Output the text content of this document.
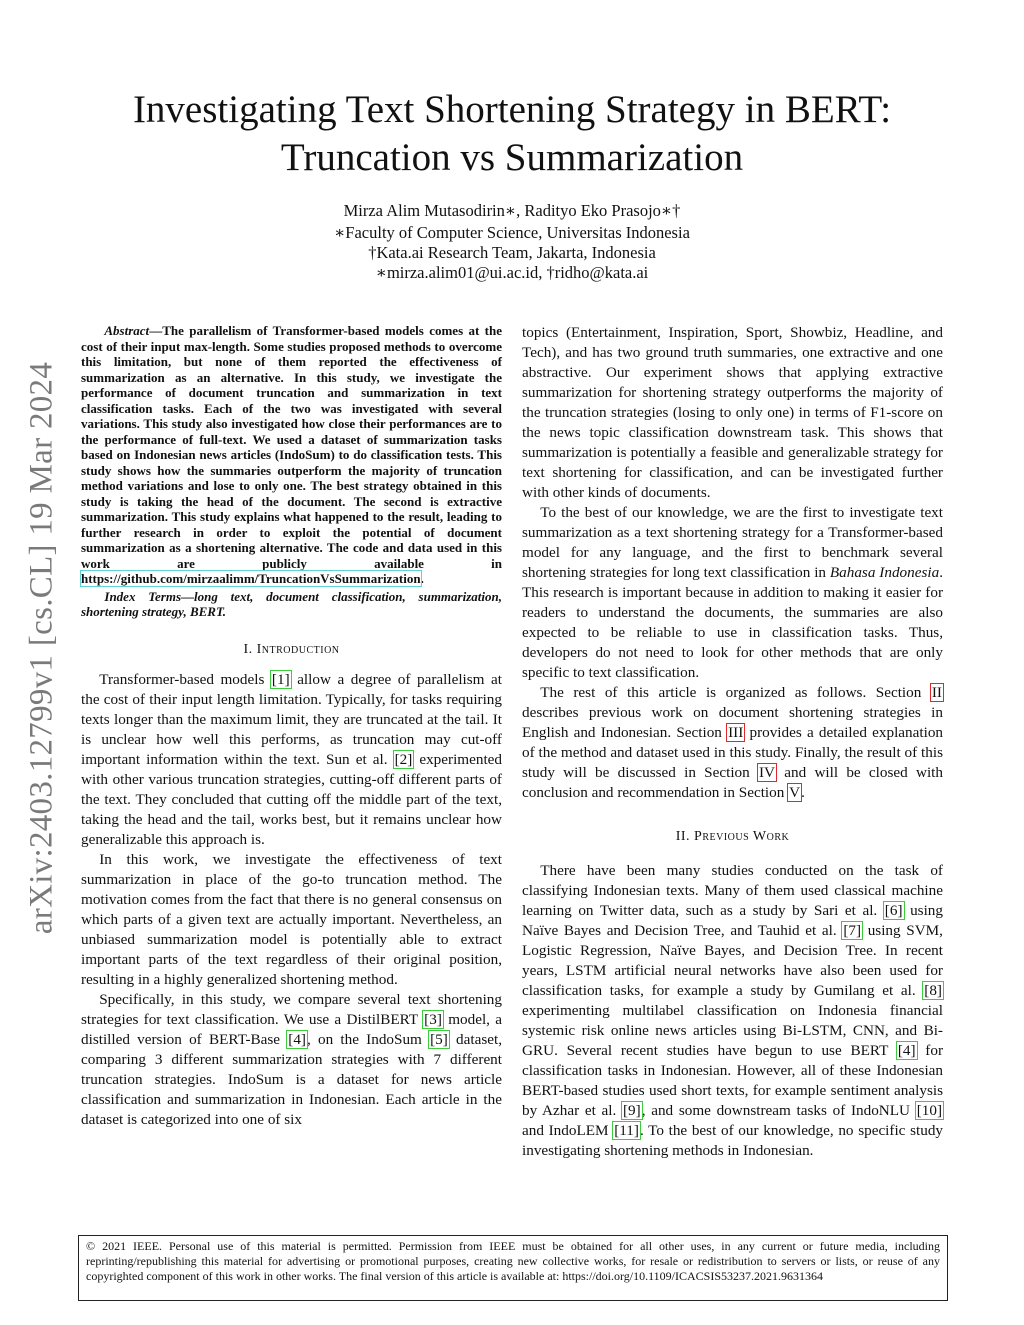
arXiv:2403.12799v1 [cs.CL] 19 Mar 2024
Investigating Text Shortening Strategy in BERT:
Truncation vs Summarization
Mirza Alim Mutasodirin∗, Radityo Eko Prasojo∗†
∗Faculty of Computer Science, Universitas Indonesia
†Kata.ai Research Team, Jakarta, Indonesia
∗mirza.alim01@ui.ac.id, †ridho@kata.ai

Abstract—The parallelism of Transformer-based models comes at the cost of their input max-length. Some studies proposed methods to overcome this limitation, but none of them reported the effectiveness of summarization as an alternative. In this study, we investigate the performance of document truncation and summarization in text classification tasks. Each of the two was investigated with several variations. This study also investigated how close their performances are to the performance of full-text. We used a dataset of summarization tasks based on Indonesian news articles (IndoSum) to do classification tests. This study shows how the summaries outperform the majority of truncation method variations and lose to only one. The best strategy obtained in this study is taking the head of the document. The second is extractive summarization. This study explains what happened to the result, leading to further research in order to exploit the potential of document summarization as a shortening alternative. The code and data used in this work are publicly available in https://github.com/mirzaalimm/TruncationVsSummarization.

Index Terms—long text, document classification, summarization, shortening strategy, BERT.

I. Introduction

Transformer-based models [1] allow a degree of parallelism at the cost of their input length limitation. Typically, for tasks requiring texts longer than the maximum limit, they are truncated at the tail. It is unclear how well this performs, as truncation may cut-off important information within the text. Sun et al. [2] experimented with other various truncation strategies, cutting-off different parts of the text. They concluded that cutting off the middle part of the text, taking the head and the tail, works best, but it remains unclear how generalizable this approach is.

In this work, we investigate the effectiveness of text summarization in place of the go-to truncation method. The motivation comes from the fact that there is no general consensus on which parts of a given text are actually important. Nevertheless, an unbiased summarization model is potentially able to extract important parts of the text regardless of their original position, resulting in a highly generalized shortening method.

Specifically, in this study, we compare several text shortening strategies for text classification. We use a DistilBERT [3] model, a distilled version of BERT-Base [4], on the IndoSum [5] dataset, comparing 3 different summarization strategies with 7 different truncation strategies. IndoSum is a dataset for news article classification and summarization in Indonesian. Each article in the dataset is categorized into one of six

topics (Entertainment, Inspiration, Sport, Showbiz, Headline, and Tech), and has two ground truth summaries, one extractive and one abstractive. Our experiment shows that applying extractive summarization for shortening strategy outperforms the majority of the truncation strategies (losing to only one) in terms of F1-score on the news topic classification downstream task. This shows that summarization is potentially a feasible and generalizable strategy for text shortening for classification, and can be investigated further with other kinds of documents.

To the best of our knowledge, we are the first to investigate text summarization as a text shortening strategy for a Transformer-based model for any language, and the first to benchmark several shortening strategies for long text classification in Bahasa Indonesia. This research is important because in addition to making it easier for readers to understand the documents, the summaries are also expected to be reliable to use in classification tasks. Thus, developers do not need to look for other methods that are only specific to text classification.

The rest of this article is organized as follows. Section II describes previous work on document shortening strategies in English and Indonesian. Section III provides a detailed explanation of the method and dataset used in this study. Finally, the result of this study will be discussed in Section IV and will be closed with conclusion and recommendation in Section V.

II. Previous Work

There have been many studies conducted on the task of classifying Indonesian texts. Many of them used classical machine learning on Twitter data, such as a study by Sari et al. [6] using Naïve Bayes and Decision Tree, and Tauhid et al. [7] using SVM, Logistic Regression, Naïve Bayes, and Decision Tree. In recent years, LSTM artificial neural networks have also been used for classification tasks, for example a study by Gumilang et al. [8] experimenting multilabel classification on Indonesia financial systemic risk online news articles using Bi-LSTM, CNN, and Bi-GRU. Several recent studies have begun to use BERT [4] for classification tasks in Indonesian. However, all of these Indonesian BERT-based studies used short texts, for example sentiment analysis by Azhar et al. [9], and some downstream tasks of IndoNLU [10] and IndoLEM [11]. To the best of our knowledge, no specific study investigating shortening methods in Indonesian.

© 2021 IEEE. Personal use of this material is permitted. Permission from IEEE must be obtained for all other uses, in any current or future media, including reprinting/republishing this material for advertising or promotional purposes, creating new collective works, for resale or redistribution to servers or lists, or reuse of any copyrighted component of this work in other works. The final version of this article is available at: https://doi.org/10.1109/ICACSIS53237.2021.9631364
